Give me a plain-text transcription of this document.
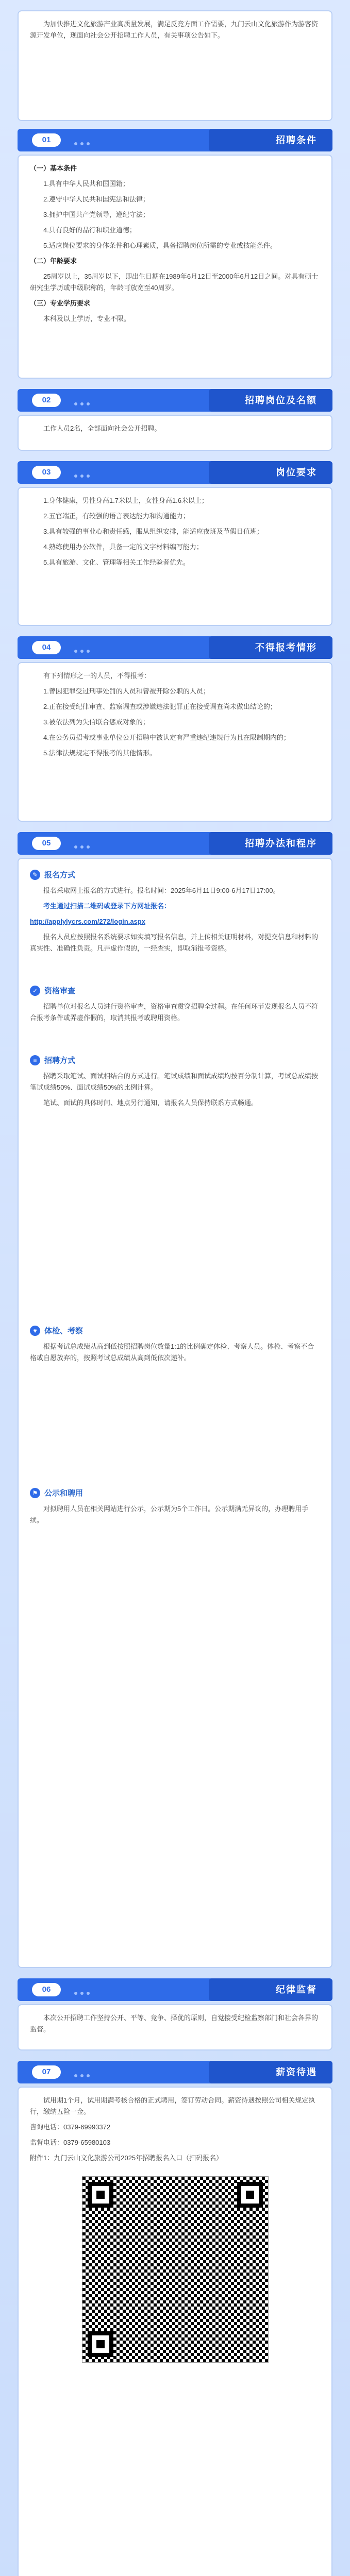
为加快推进文化旅游产业高质量发展，满足反竞方面工作需要，九门云山文化旅游作为游客资源开发单位，现面向社会公开招聘工作人员，有关事项公告如下。

01	招聘条件

（一）基本条件

1.具有中华人民共和国国籍；

2.遵守中华人民共和国宪法和法律；

3.拥护中国共产党领导，遵纪守法；

4.具有良好的品行和职业道德；

5.适应岗位要求的身体条件和心理素质，具备招聘岗位所需的专业或技能条件。

（二）年龄要求

25周岁以上，35周岁以下，即出生日期在1989年6月12日至2000年6月12日之间。对具有硕士研究生学历或中级职称的，年龄可放宽至40周岁。

（三）专业学历要求

本科及以上学历，专业不限。

02	招聘岗位及名额

工作人员2名，全部面向社会公开招聘。

03	岗位要求

1.身体健康，男性身高1.7米以上，女性身高1.6米以上；

2.五官端正，有较强的语言表达能力和沟通能力；

3.具有较强的事业心和责任感，服从组织安排，能适应夜班及节假日值班；

4.熟练使用办公软件，具备一定的文字材料编写能力；

5.具有旅游、文化、管理等相关工作经验者优先。

04	不得报考情形

有下列情形之一的人员，不得报考：

1.曾因犯罪受过刑事处罚的人员和曾被开除公职的人员；

2.正在接受纪律审查、监察调查或涉嫌违法犯罪正在接受调查尚未做出结论的；

3.被依法列为失信联合惩戒对象的；

4.在公务员招考或事业单位公开招聘中被认定有严重违纪违规行为且在限制期内的；

5.法律法规规定不得报考的其他情形。

05	招聘办法和程序
✎ 报名方式

报名采取网上报名的方式进行。报名时间：2025年6月11日9:00-6月17日17:00。

考生通过扫描二维码或登录下方网址报名：

http://applylycrs.com/272/login.aspx

报名人员应按照报名系统要求如实填写报名信息，并上传相关证明材料，对提交信息和材料的真实性、准确性负责。凡弄虚作假的，一经查实，即取消报考资格。

✓ 资格审查

招聘单位对报名人员进行资格审查，资格审查贯穿招聘全过程。在任何环节发现报名人员不符合报考条件或弄虚作假的，取消其报考或聘用资格。

≡ 招聘方式

招聘采取笔试、面试相结合的方式进行。笔试成绩和面试成绩均按百分制计算，考试总成绩按笔试成绩50%、面试成绩50%的比例计算。

笔试、面试的具体时间、地点另行通知，请报名人员保持联系方式畅通。

♥ 体检、考察

根据考试总成绩从高到低按照招聘岗位数量1:1的比例确定体检、考察人员。体检、考察不合格或自愿放弃的，按照考试总成绩从高到低依次递补。

⚑ 公示和聘用

对拟聘用人员在相关网站进行公示，公示期为5个工作日。公示期满无异议的，办理聘用手续。

06	纪律监督

本次公开招聘工作坚持公开、平等、竞争、择优的原则，自觉接受纪检监察部门和社会各界的监督。

07	薪资待遇

试用期1个月，试用期满考核合格的正式聘用，签订劳动合同。薪资待遇按照公司相关规定执行，缴纳五险一金。

咨询电话：0379-69993372

监督电话：0379-65980103

附件1：九门云山文化旅游公司2025年招聘报名入口（扫码报名）
